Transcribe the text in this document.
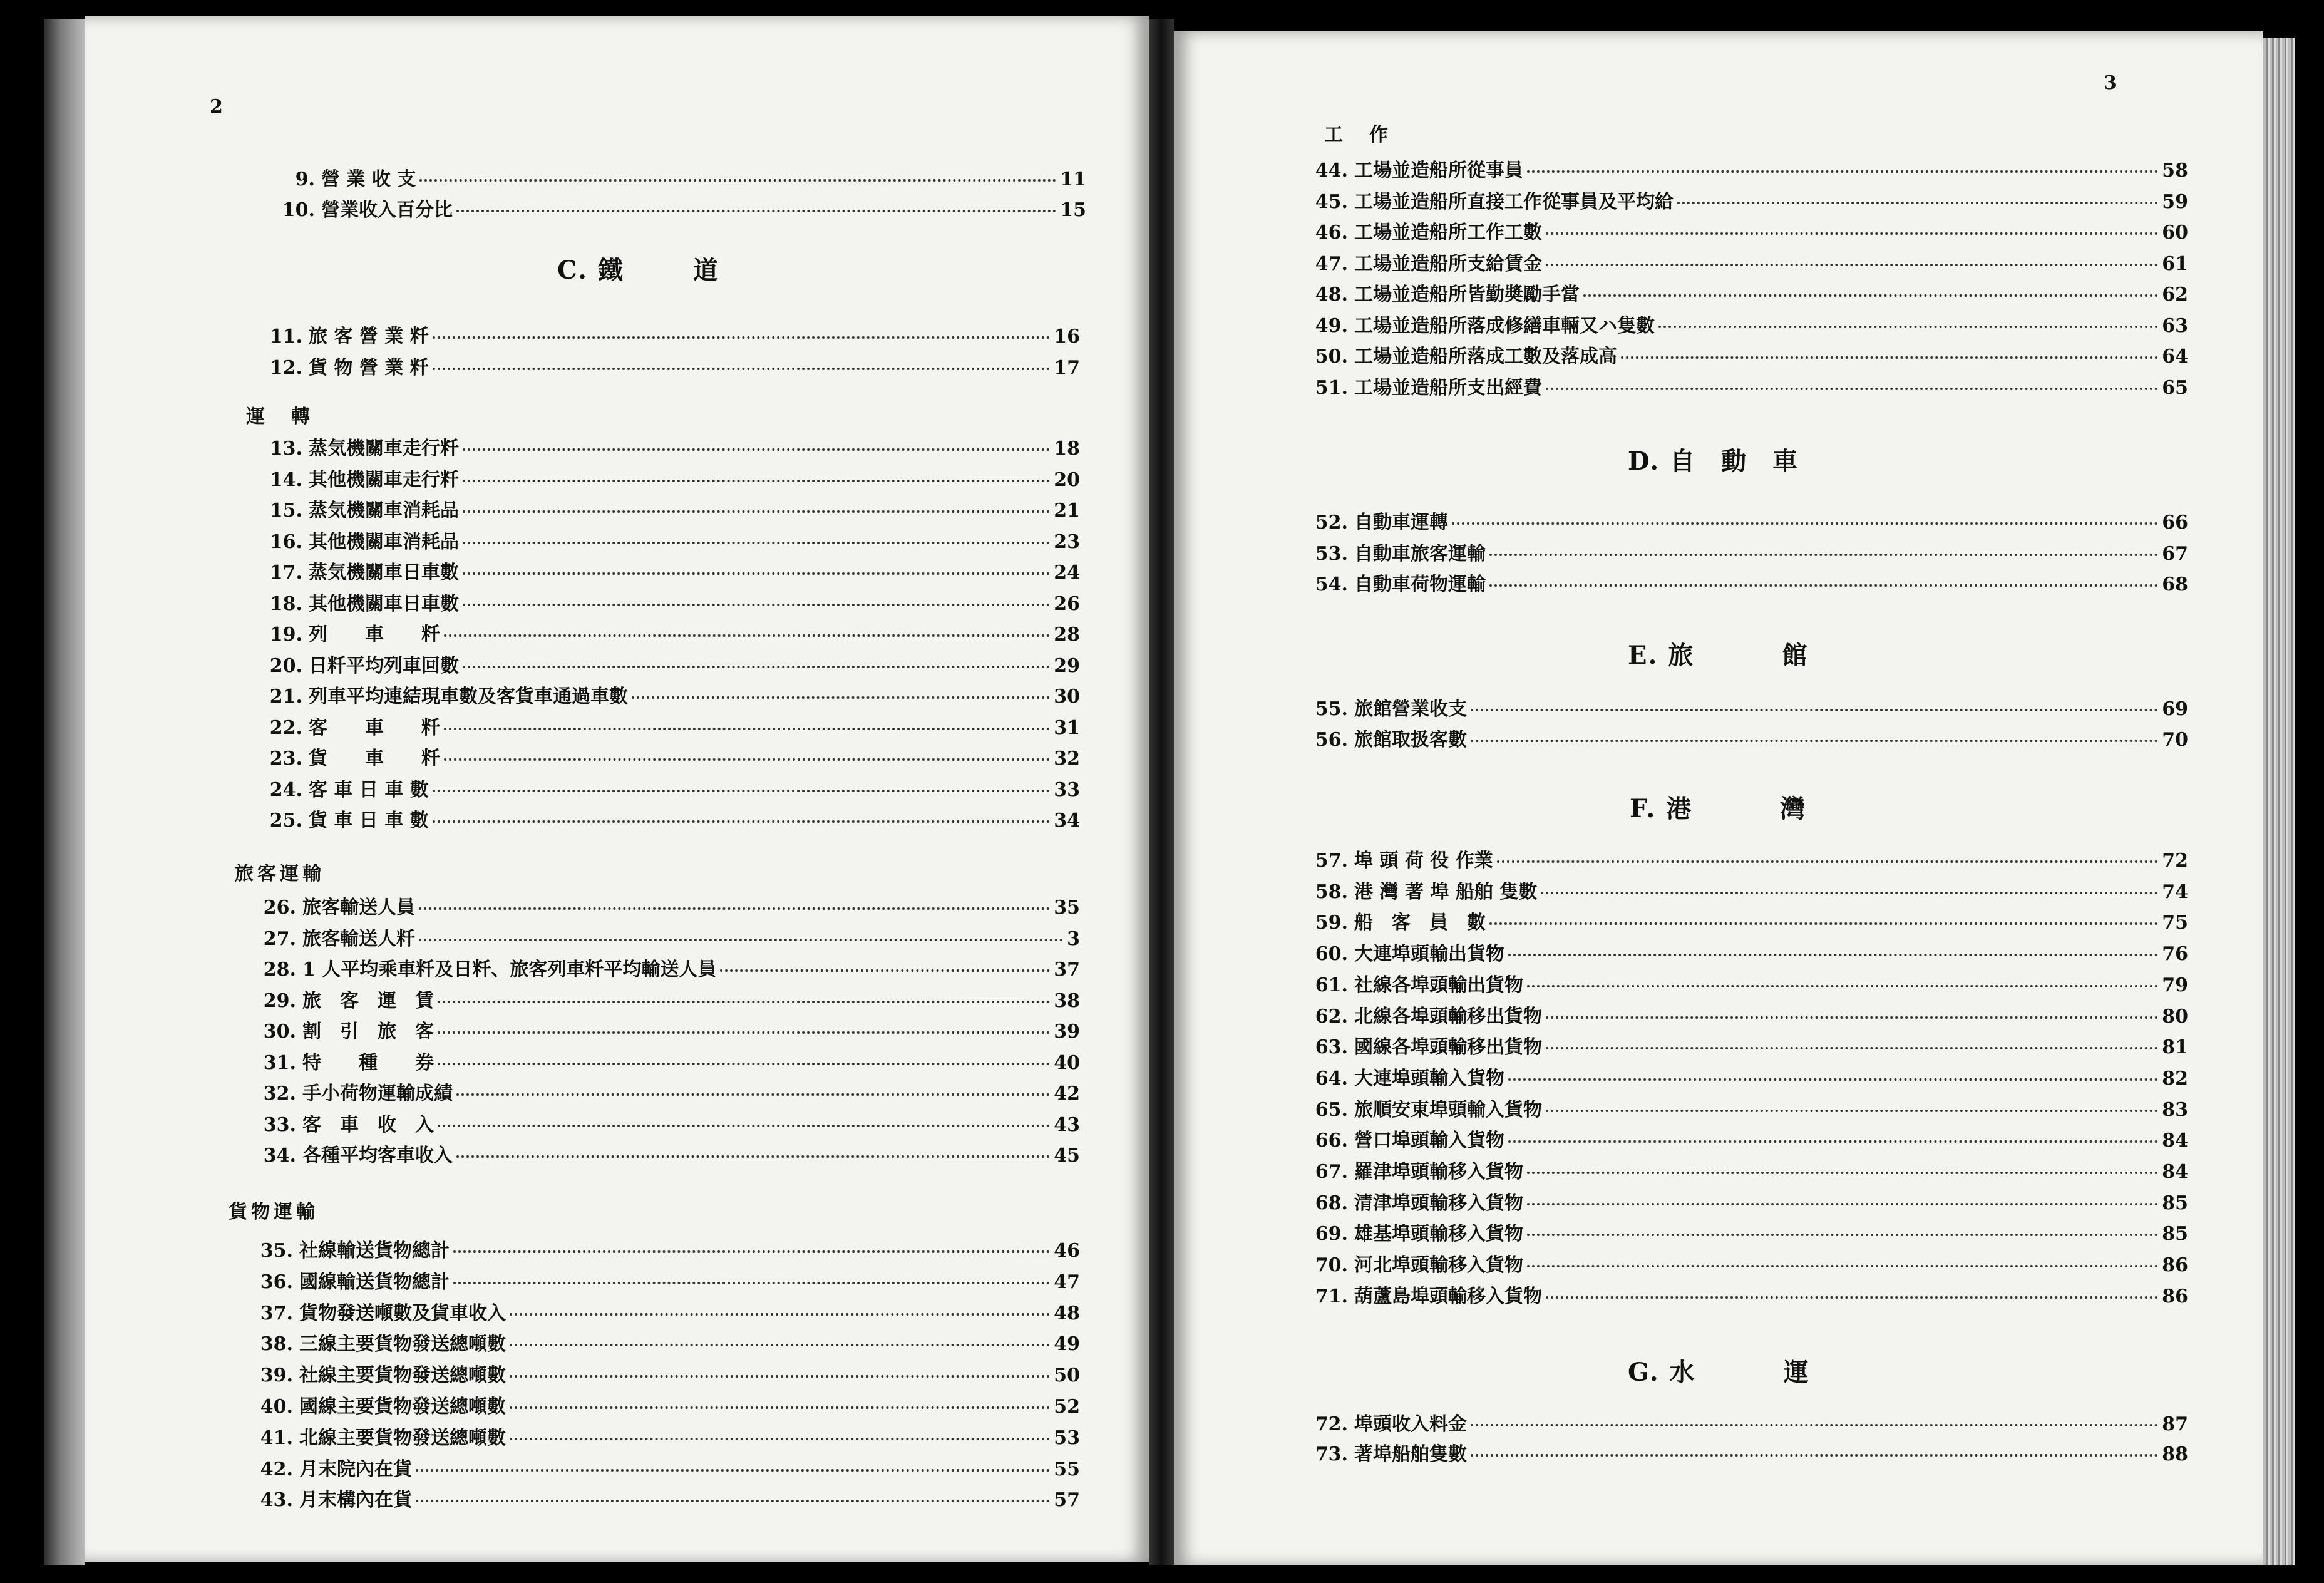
2
9. 營 業 收 支	11
10. 營業收入百分比	15
C. 鐵	道
11. 旅 客 營 業 粁	16
12. 貨 物 營 業 粁	17
運　轉
13. 蒸気機關車走行粁	18
14. 其他機關車走行粁	20
15. 蒸気機關車消耗品	21
16. 其他機關車消耗品	23
17. 蒸気機關車日車數	24
18. 其他機關車日車數	26
19. 列　　車　　粁	28
20. 日粁平均列車回數	29
21. 列車平均連結現車數及客貨車通過車數	30
22. 客　　車　　粁	31
23. 貨　　車　　粁	32
24. 客 車 日 車 數	33
25. 貨 車 日 車 數	34
旅客運輸
26. 旅客輸送人員	35
27. 旅客輸送人粁	3
28. 1 人平均乘車粁及日粁、旅客列車粁平均輸送人員	37
29. 旅　客　運　賃	38
30. 割　引　旅　客	39
31. 特　　種　　券	40
32. 手小荷物運輸成績	42
33. 客　車　收　入	43
34. 各種平均客車收入	45
貨物運輸
35. 社線輸送貨物總計	46
36. 國線輸送貨物總計	47
37. 貨物發送噸數及貨車收入	48
38. 三線主要貨物發送總噸數	49
39. 社線主要貨物發送總噸數	50
40. 國線主要貨物發送總噸數	52
41. 北線主要貨物發送總噸數	53
42. 月末院內在貨	55
43. 月末構內在貨	57
3
工　作
44. 工場並造船所從事員	58
45. 工場並造船所直接工作從事員及平均給	59
46. 工場並造船所工作工數	60
47. 工場並造船所支給賃金	61
48. 工場並造船所皆勤奬勵手當	62
49. 工場並造船所落成修繕車輛又ハ隻數	63
50. 工場並造船所落成工數及落成高	64
51. 工場並造船所支出經費	65
D. 自 動 車
52. 自動車運轉	66
53. 自動車旅客運輸	67
54. 自動車荷物運輸	68
E. 旅	館
55. 旅館營業收支	69
56. 旅館取扱客數	70
F. 港	灣
57. 埠 頭 荷 役 作業	72
58. 港 灣 著 埠 船舶 隻數	74
59. 船　客　員　數	75
60. 大連埠頭輸出貨物	76
61. 社線各埠頭輸出貨物	79
62. 北線各埠頭輸移出貨物	80
63. 國線各埠頭輸移出貨物	81
64. 大連埠頭輸入貨物	82
65. 旅順安東埠頭輸入貨物	83
66. 營口埠頭輸入貨物	84
67. 羅津埠頭輸移入貨物	84
68. 清津埠頭輸移入貨物	85
69. 雄基埠頭輸移入貨物	85
70. 河北埠頭輸移入貨物	86
71. 葫蘆島埠頭輸移入貨物	86
G. 水	運
72. 埠頭收入料金	87
73. 著埠船舶隻數	88
